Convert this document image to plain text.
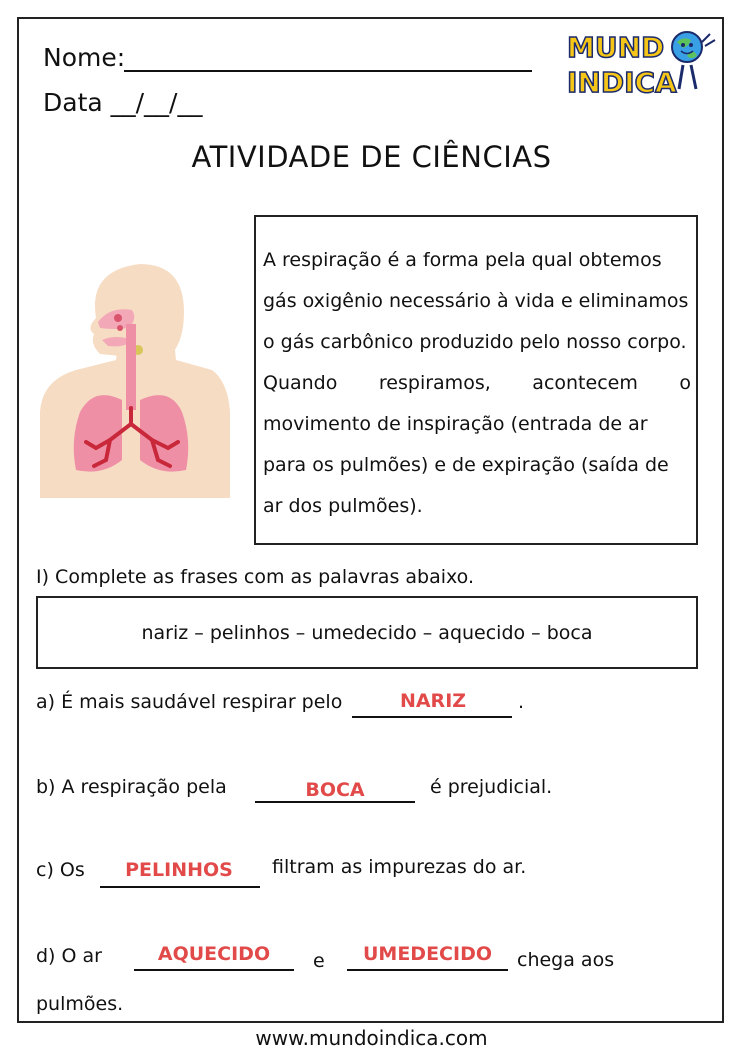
Nome:
Data __/__/__
MUND
INDICA
ATIVIDADE DE CIÊNCIAS
A respiração é a forma pela qual obtemos
gás oxigênio necessário à vida e eliminamos
o gás carbônico produzido pelo nosso corpo.
Quando respiramos, acontecem o
movimento de inspiração (entrada de ar
para os pulmões) e de expiração (saída de
ar dos pulmões).
I) Complete as frases com as palavras abaixo.
nariz – pelinhos – umedecido – aquecido – boca
a) É mais saudável respirar pelo	NARIZ	.
b) A respiração pela	BOCA	é prejudicial.
c) Os	PELINHOS	filtram as impurezas do ar.
d) O ar	AQUECIDO	e	UMEDECIDO	chega aos
pulmões.
www.mundoindica.com
